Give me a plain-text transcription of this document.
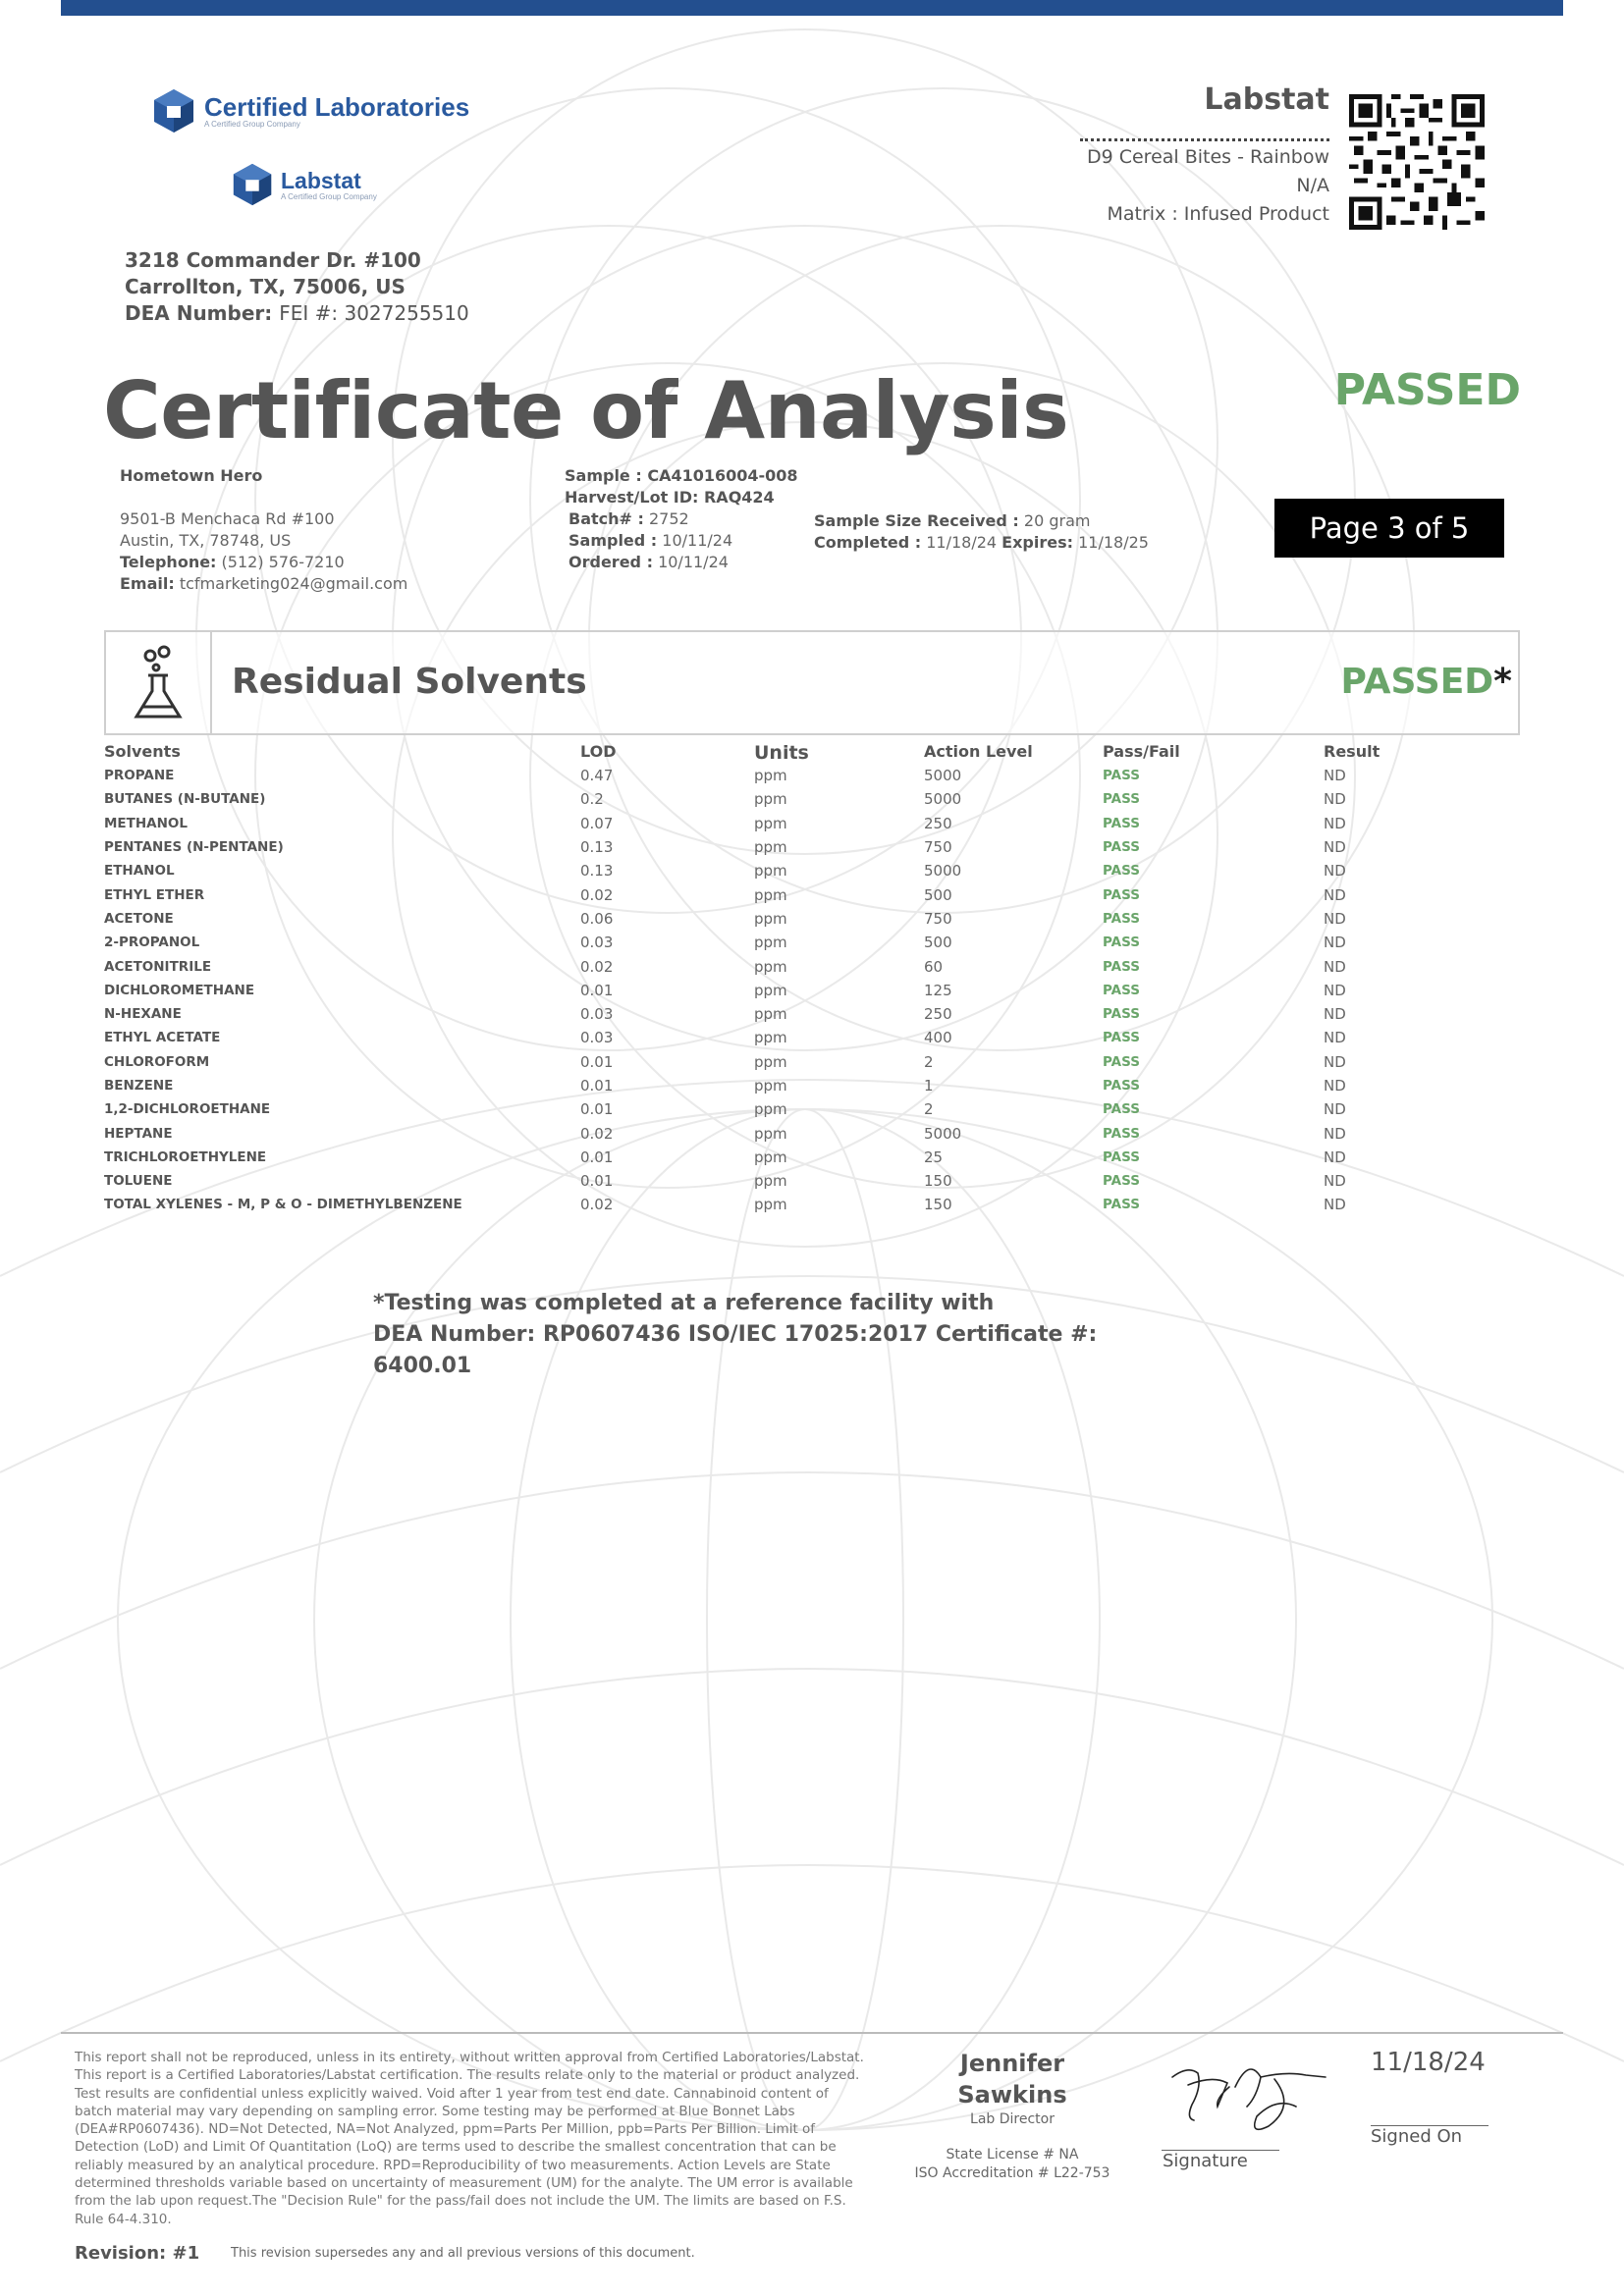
Certified Laboratories
A Certified Group Company
Labstat
A Certified Group Company
3218 Commander Dr. #100
Carrollton, TX, 75006, US
DEA Number: FEI #: 3027255510
Labstat
D9 Cereal Bites - Rainbow
N/A
Matrix : Infused Product
Certificate of Analysis	PASSED
Hometown Hero
9501-B Menchaca Rd #100
Austin, TX, 78748, US
Telephone: (512) 576-7210
Email: tcfmarketing024@gmail.com
Sample : CA41016004-008
Harvest/Lot ID: RAQ424
Batch# : 2752
Sampled : 10/11/24
Ordered : 10/11/24
Sample Size Received : 20 gram
Completed : 11/18/24 Expires: 11/18/25	Page 3 of 5
Residual Solvents	PASSED*
Solvents	LOD	Units	Action Level	Pass/Fail	Result
PROPANE	0.47	ppm	5000	PASS	ND
BUTANES (N-BUTANE)	0.2	ppm	5000	PASS	ND
METHANOL	0.07	ppm	250	PASS	ND
PENTANES (N-PENTANE)	0.13	ppm	750	PASS	ND
ETHANOL	0.13	ppm	5000	PASS	ND
ETHYL ETHER	0.02	ppm	500	PASS	ND
ACETONE	0.06	ppm	750	PASS	ND
2-PROPANOL	0.03	ppm	500	PASS	ND
ACETONITRILE	0.02	ppm	60	PASS	ND
DICHLOROMETHANE	0.01	ppm	125	PASS	ND
N-HEXANE	0.03	ppm	250	PASS	ND
ETHYL ACETATE	0.03	ppm	400	PASS	ND
CHLOROFORM	0.01	ppm	2	PASS	ND
BENZENE	0.01	ppm	1	PASS	ND
1,2-DICHLOROETHANE	0.01	ppm	2	PASS	ND
HEPTANE	0.02	ppm	5000	PASS	ND
TRICHLOROETHYLENE	0.01	ppm	25	PASS	ND
TOLUENE	0.01	ppm	150	PASS	ND
TOTAL XYLENES - M, P & O - DIMETHYLBENZENE	0.02	ppm	150	PASS	ND
*Testing was completed at a reference facility with
DEA Number: RP0607436 ISO/IEC 17025:2017 Certificate #:
6400.01
This report shall not be reproduced, unless in its entirety, without written approval from Certified Laboratories/Labstat. This report is a Certified Laboratories/Labstat certification. The results relate only to the material or product analyzed. Test results are confidential unless explicitly waived. Void after 1 year from test end date. Cannabinoid content of batch material may vary depending on sampling error. Some testing may be performed at Blue Bonnet Labs (DEA#RP0607436). ND=Not Detected, NA=Not Analyzed, ppm=Parts Per Million, ppb=Parts Per Billion. Limit of Detection (LoD) and Limit Of Quantitation (LoQ) are terms used to describe the smallest concentration that can be reliably measured by an analytical procedure. RPD=Reproducibility of two measurements. Action Levels are State determined thresholds variable based on uncertainty of measurement (UM) for the analyte. The UM error is available from the lab upon request.The "Decision Rule" for the pass/fail does not include the UM. The limits are based on F.S. Rule 64-4.310.
Revision: #1 This revision supersedes any and all previous versions of this document.
Jennifer Sawkins
Lab Director
State License # NA
ISO Accreditation # L22-753
Signature
11/18/24
Signed On
